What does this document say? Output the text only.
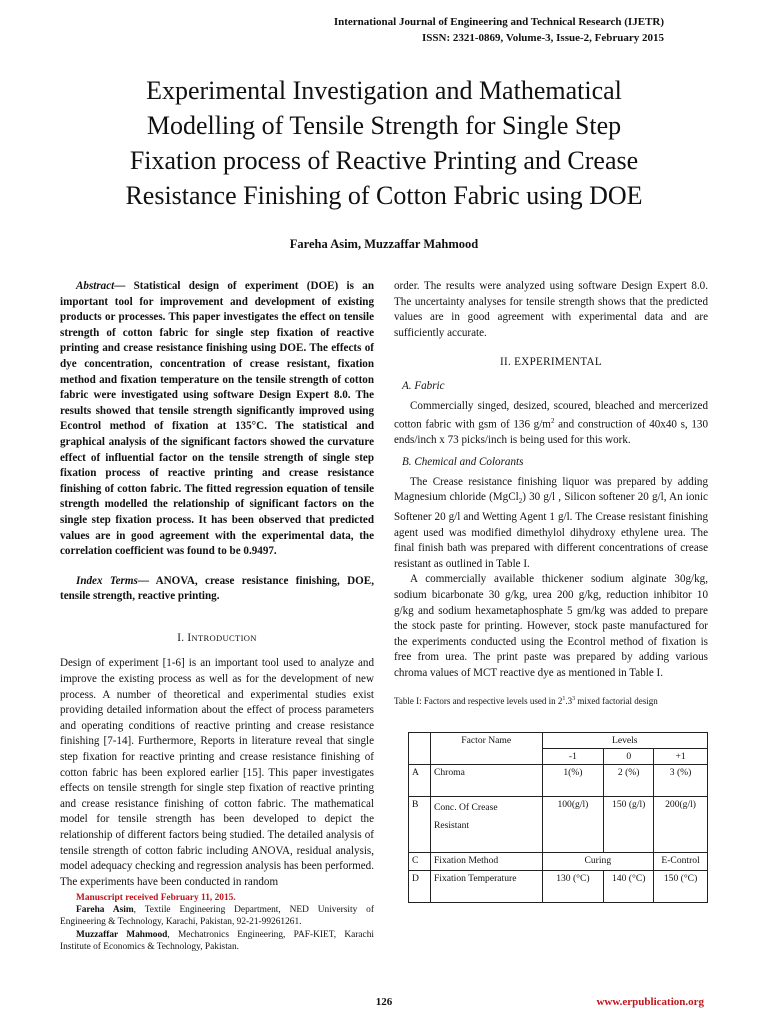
International Journal of Engineering and Technical Research (IJETR)
ISSN: 2321-0869, Volume-3, Issue-2, February 2015
Experimental Investigation and Mathematical
Modelling of Tensile Strength for Single Step
Fixation process of Reactive Printing and Crease
Resistance Finishing of Cotton Fabric using DOE
Fareha Asim, Muzzaffar Mahmood

Abstract— Statistical design of experiment (DOE) is an important tool for improvement and development of existing products or processes. This paper investigates the effect on tensile strength of cotton fabric for single step fixation of reactive printing and crease resistance finishing using DOE. The effects of dye concentration, concentration of crease resistant, fixation method and fixation temperature on the tensile strength of cotton fabric were investigated using software Design Expert 8.0. The results showed that tensile strength significantly improved using Econtrol method of fixation at 135°C. The statistical and graphical analysis of the significant factors showed the curvature effect of influential factor on the tensile strength of single step fixation process of reactive printing and crease resistance finishing of cotton fabric. The fitted regression equation of tensile strength modelled the relationship of significant factors on the single step fixation process. It has been observed that predicted values are in good agreement with the experimental data, the correlation coefficient was found to be 0.9497.

Index Terms— ANOVA, crease resistance finishing, DOE, tensile strength, reactive printing.

I. INTRODUCTION

Design of experiment [1-6] is an important tool used to analyze and improve the existing process as well as for the development of new process. A number of theoretical and experimental studies exist providing detailed information about the effect of process parameters and operating conditions of reactive printing and crease resistance finishing [7-14]. Furthermore, Reports in literature reveal that single step fixation for reactive printing and crease resistance finishing of cotton fabric has been explored earlier [15]. This paper investigates effects on tensile strength for single step fixation of reactive printing and crease resistance finishing of cotton fabric. The mathematical model for tensile strength has been developed to depict the relationship of different factors being studied. The detailed analysis of tensile strength of cotton fabric including ANOVA, residual analysis, model adequacy checking and regression analysis has been performed. The experiments have been conducted in random

Manuscript received February 11, 2015.

Fareha Asim, Textile Engineering Department, NED University of Engineering & Technology, Karachi, Pakistan, 92-21-99261261.

Muzzaffar Mahmood, Mechatronics Engineering, PAF-KIET, Karachi Institute of Economics & Technology, Pakistan.

order. The results were analyzed using software Design Expert 8.0. The uncertainty analyses for tensile strength shows that the predicted values are in good agreement with experimental data and are sufficiently accurate.

II. EXPERIMENTAL

A. Fabric

Commercially singed, desized, scoured, bleached and mercerized cotton fabric with gsm of 136 $g/m^2$ and construction of 40x40 s, 130 ends/inch x 73 picks/inch is being used for this work.

B. Chemical and Colorants

The Crease resistance finishing liquor was prepared by adding Magnesium chloride (MgCl$_2$) 30 g/l , Silicon softener 20 g/l, An ionic Softener 20 g/l and Wetting Agent 1 g/l. The Crease resistant finishing agent used was modified dimethylol dihydroxy ethylene urea. The final finish bath was prepared with different concentrations of crease resistant as outlined in Table I.

A commercially available thickener sodium alginate 30g/kg, sodium bicarbonate 30 g/kg, urea 200 g/kg, reduction inhibitor 10 g/kg and sodium hexametaphosphate 5 gm/kg was added to prepare the stock paste for printing. However, stock paste manufactured for the experiments conducted using the Econtrol method of fixation is free from urea. The print paste was prepared by adding various chroma values of MCT reactive dye as mentioned in Table I.

Table I: Factors and respective levels used in $2^1.3^3$ mixed factorial design

	Factor Name	Levels		
		-1	0	+1
A	Chroma	1(%)	2 (%)	3 (%)
B	Conc. Of Crease
Resistant	100(g/l)	150 (g/l)	200(g/l)
C	Fixation Method	Curing		E-Control
D	Fixation Temperature	130 (°C)	140 (°C)	150 (°C)
126	www.erpublication.org
